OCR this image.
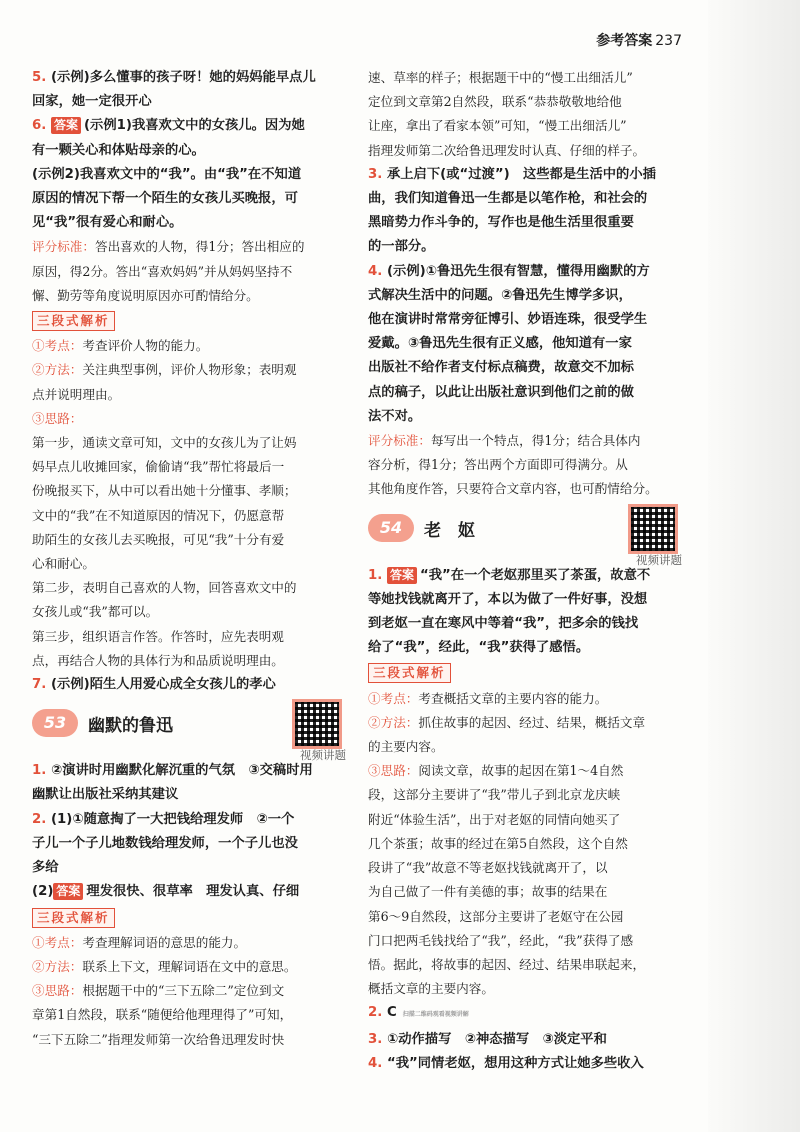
参考答案 237
5. (示例)多么懂事的孩子呀！她的妈妈能早点儿
回家，她一定很开心
6. 答案 (示例1)我喜欢文中的女孩儿。因为她
有一颗关心和体贴母亲的心。
(示例2)我喜欢文中的“我”。由“我”在不知道
原因的情况下帮一个陌生的女孩儿买晚报，可
见“我”很有爱心和耐心。
评分标准：答出喜欢的人物，得1分；答出相应的
原因，得2分。答出“喜欢妈妈”并从妈妈坚持不
懈、勤劳等角度说明原因亦可酌情给分。
三段式解析
①考点：考查评价人物的能力。
②方法：关注典型事例，评价人物形象；表明观
点并说明理由。
③思路：
第一步，通读文章可知，文中的女孩儿为了让妈
妈早点儿收摊回家，偷偷请“我”帮忙将最后一
份晚报买下，从中可以看出她十分懂事、孝顺；
文中的“我”在不知道原因的情况下，仍愿意帮
助陌生的女孩儿去买晚报，可见“我”十分有爱
心和耐心。
第二步，表明自己喜欢的人物，回答喜欢文中的
女孩儿或“我”都可以。
第三步，组织语言作答。作答时，应先表明观
点，再结合人物的具体行为和品质说明理由。
7. (示例)陌生人用爱心成全女孩儿的孝心
53	幽默的鲁迅
视频讲题
1. ②演讲时用幽默化解沉重的气氛　③交稿时用
幽默让出版社采纳其建议
2. (1)①随意掏了一大把钱给理发师　②一个
子儿一个子儿地数钱给理发师，一个子儿也没
多给
(2) 答案 理发很快、很草率　理发认真、仔细
三段式解析
①考点：考查理解词语的意思的能力。
②方法：联系上下文，理解词语在文中的意思。
③思路：根据题干中的“三下五除二”定位到文
章第1自然段，联系“随便给他理理得了”可知，
“三下五除二”指理发师第一次给鲁迅理发时快
速、草率的样子；根据题干中的“慢工出细活儿”
定位到文章第2自然段，联系“恭恭敬敬地给他
让座，拿出了看家本领”可知，“慢工出细活儿”
指理发师第二次给鲁迅理发时认真、仔细的样子。
3. 承上启下(或“过渡”)　这些都是生活中的小插
曲，我们知道鲁迅一生都是以笔作枪，和社会的
黑暗势力作斗争的，写作也是他生活里很重要
的一部分。
4. (示例)①鲁迅先生很有智慧，懂得用幽默的方
式解决生活中的问题。②鲁迅先生博学多识，
他在演讲时常常旁征博引、妙语连珠，很受学生
爱戴。③鲁迅先生很有正义感，他知道有一家
出版社不给作者支付标点稿费，故意交不加标
点的稿子，以此让出版社意识到他们之前的做
法不对。
评分标准：每写出一个特点，得1分；结合具体内
容分析，得1分；答出两个方面即可得满分。从
其他角度作答，只要符合文章内容，也可酌情给分。
54	老　妪
视频讲题
1. 答案 “我”在一个老妪那里买了茶蛋，故意不
等她找钱就离开了，本以为做了一件好事，没想
到老妪一直在寒风中等着“我”，把多余的钱找
给了“我”，经此，“我”获得了感悟。
三段式解析
①考点：考查概括文章的主要内容的能力。
②方法：抓住故事的起因、经过、结果，概括文章
的主要内容。
③思路：阅读文章，故事的起因在第1～4自然
段，这部分主要讲了“我”带儿子到北京龙庆峡
附近“体验生活”，出于对老妪的同情向她买了
几个茶蛋；故事的经过在第5自然段，这个自然
段讲了“我”故意不等老妪找钱就离开了，以
为自己做了一件有美德的事；故事的结果在
第6～9自然段，这部分主要讲了老妪守在公园
门口把两毛钱找给了“我”，经此，“我”获得了感
悟。据此，将故事的起因、经过、结果串联起来，
概括文章的主要内容。
2. C 扫描二维码观看视频讲解
3. ①动作描写　②神态描写　③淡定平和
4. “我”同情老妪，想用这种方式让她多些收入
